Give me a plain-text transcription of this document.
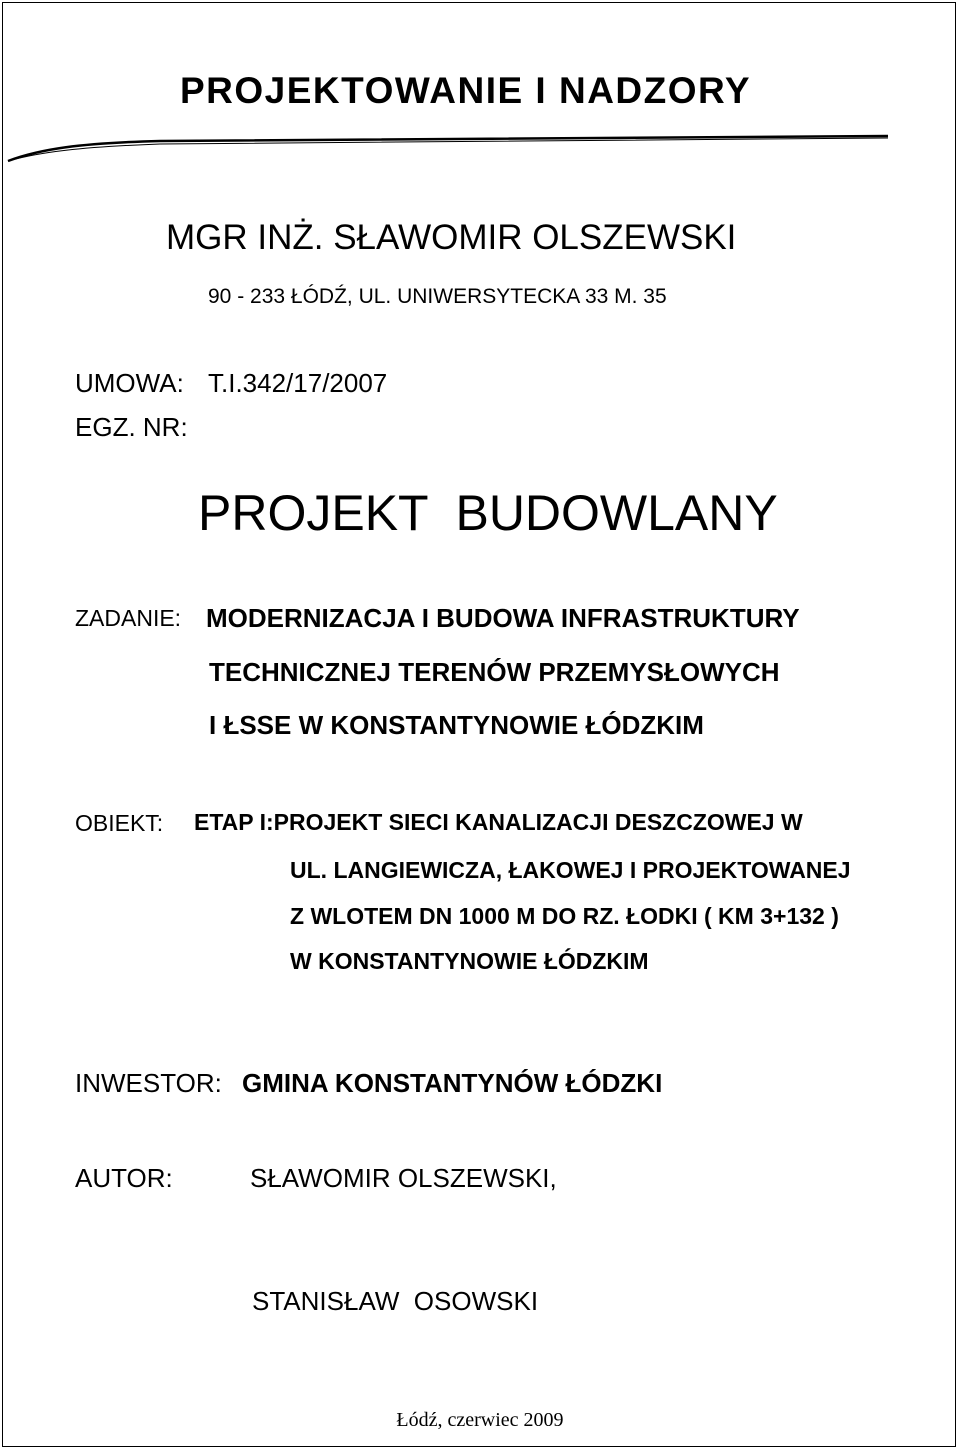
PROJEKTOWANIE I NADZORY
MGR INŻ. SŁAWOMIR OLSZEWSKI
90 - 233 ŁÓDŹ, UL. UNIWERSYTECKA 33 M. 35
UMOWA: T.I.342/17/2007
EGZ. NR:
PROJEKT  BUDOWLANY
ZADANIE: MODERNIZACJA I BUDOWA INFRASTRUKTURY
TECHNICZNEJ TERENÓW PRZEMYSŁOWYCH
I ŁSSE W KONSTANTYNOWIE ŁÓDZKIM
OBIEKT: ETAP I:PROJEKT SIECI KANALIZACJI DESZCZOWEJ W
UL. LANGIEWICZA, ŁAKOWEJ I PROJEKTOWANEJ
Z WLOTEM DN 1000 M DO RZ. ŁODKI ( KM 3+132 )
W KONSTANTYNOWIE ŁÓDZKIM
INWESTOR: GMINA KONSTANTYNÓW ŁÓDZKI
AUTOR:	SŁAWOMIR OLSZEWSKI,
STANISŁAW  OSOWSKI
Łódź, czerwiec 2009
